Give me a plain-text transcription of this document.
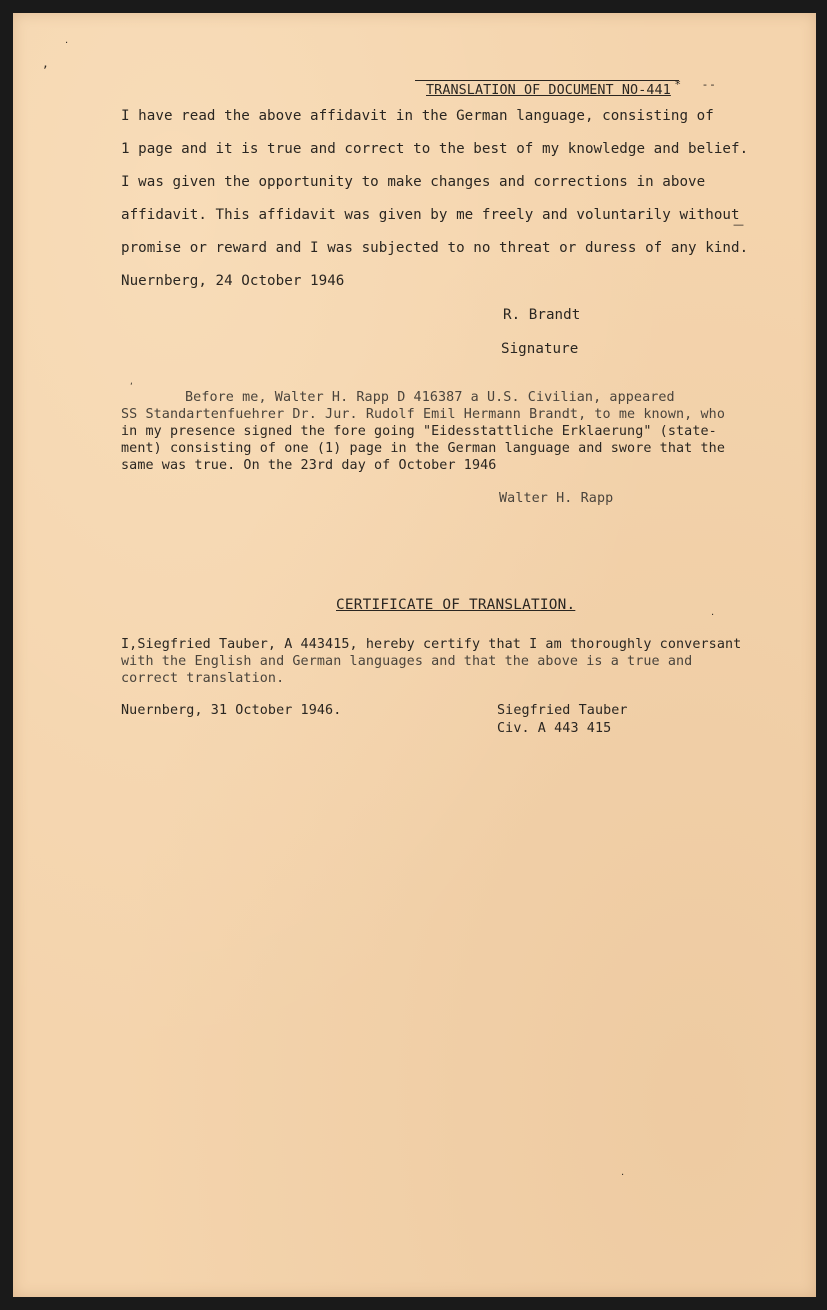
TRANSLATION OF DOCUMENT NO-441

I have read the above affidavit in the German language, consisting of

1 page and it is true and correct to the best of my knowledge and belief.

I was given the opportunity to make changes and corrections in above

affidavit. This affidavit was given by me freely and voluntarily without

promise or reward and I was subjected to no threat or duress of any kind.

Nuernberg, 24 October 1946

R. Brandt

Signature

Before me, Walter H. Rapp D 416387 a U.S. Civilian, appeared

SS Standartenfuehrer Dr. Jur. Rudolf Emil Hermann Brandt, to me known, who

in my presence signed the fore going "Eidesstattliche Erklaerung" (state-

ment) consisting of one (1) page in the German language and swore that the

same was true. On the 23rd day of October 1946

Walter H. Rapp

CERTIFICATE OF TRANSLATION.

I,Siegfried Tauber, A 443415, hereby certify that I am thoroughly conversant

with the English and German languages and that the above is a true and

correct translation.

Nuernberg, 31 October 1946.	Siegfried Tauber

Civ. A 443 415

’
·
* - -
—
·
·
‘
